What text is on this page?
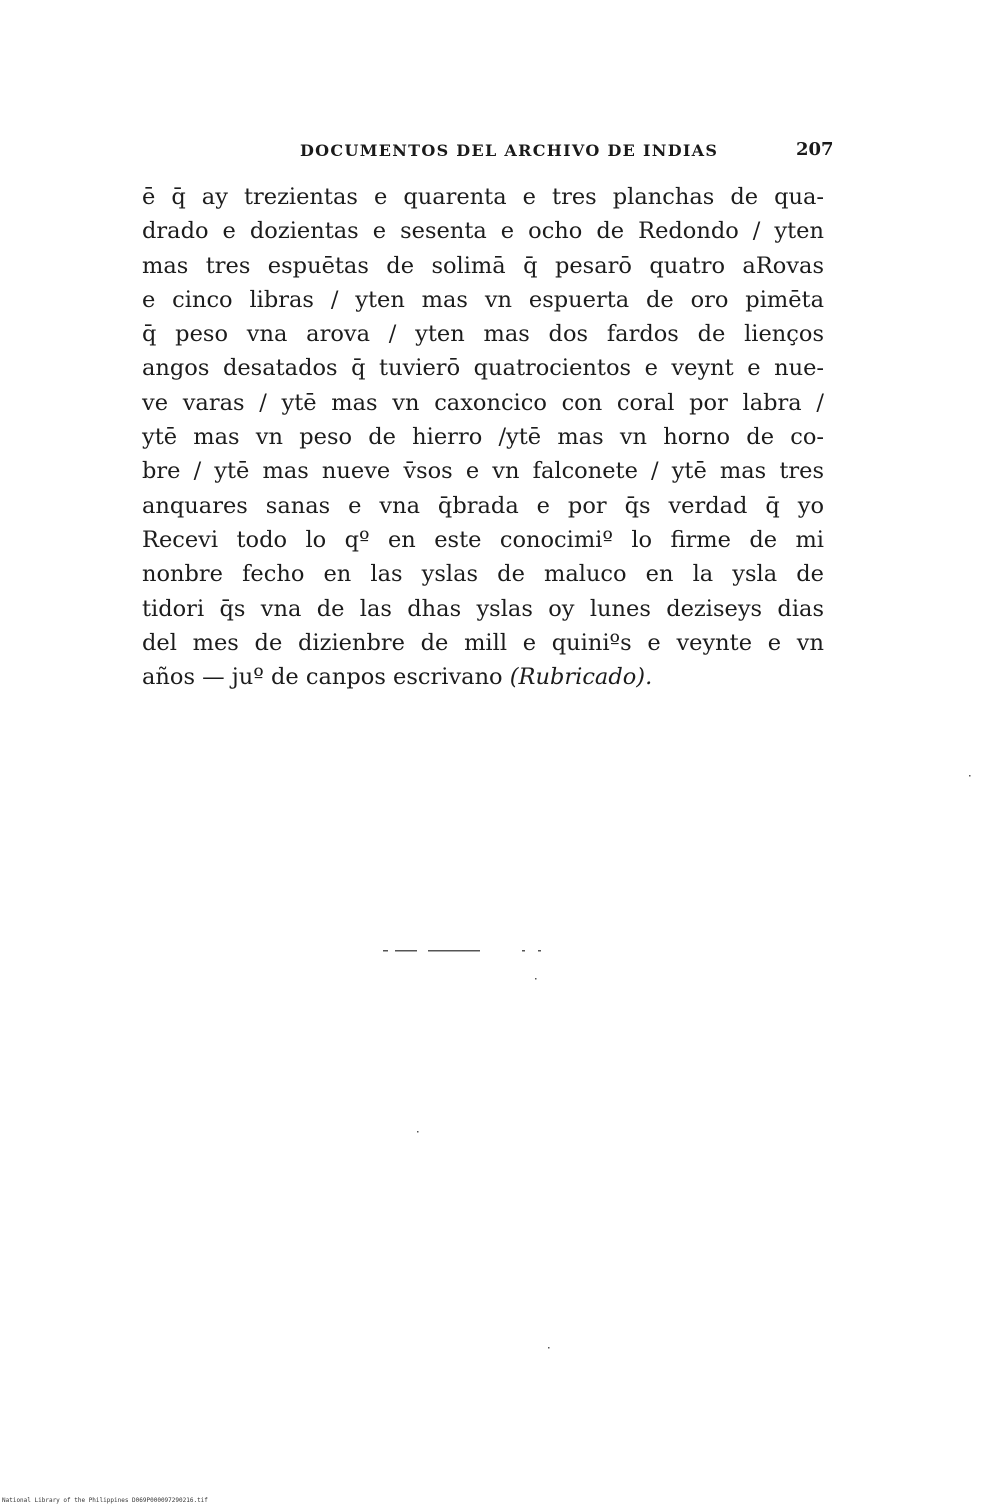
DOCUMENTOS DEL ARCHIVO DE INDIAS	207
ē q̄ ay trezientas e quarenta e tres planchas de qua-
drado e dozientas e sesenta e ocho de Redondo / yten
mas tres espuētas de solimā q̄ pesarō quatro aRovas
e cinco libras / yten mas vn espuerta de oro pimēta
q̄ peso vna arova / yten mas dos fardos de lienços
angos desatados q̄ tuvierō quatrocientos e veynt e nue-
ve varas / ytē mas vn caxoncico con coral por labra /
ytē mas vn peso de hierro /ytē mas vn horno de co-
bre / ytē mas nueve v̄sos e vn falconete / ytē mas tres
anquares sanas e vna q̄brada e por q̄s verdad q̄ yo
Recevi todo lo qº en este conocimiº lo firme de mi
nonbre fecho en las yslas de maluco en la ysla de
tidori q̄s vna de las dhas yslas oy lunes deziseys dias
del mes de dizienbre de mill e quiniºs e veynte e vn
años — juº de canpos escrivano (Rubricado).
National Library of the Philippines D069P000097290216.tif
